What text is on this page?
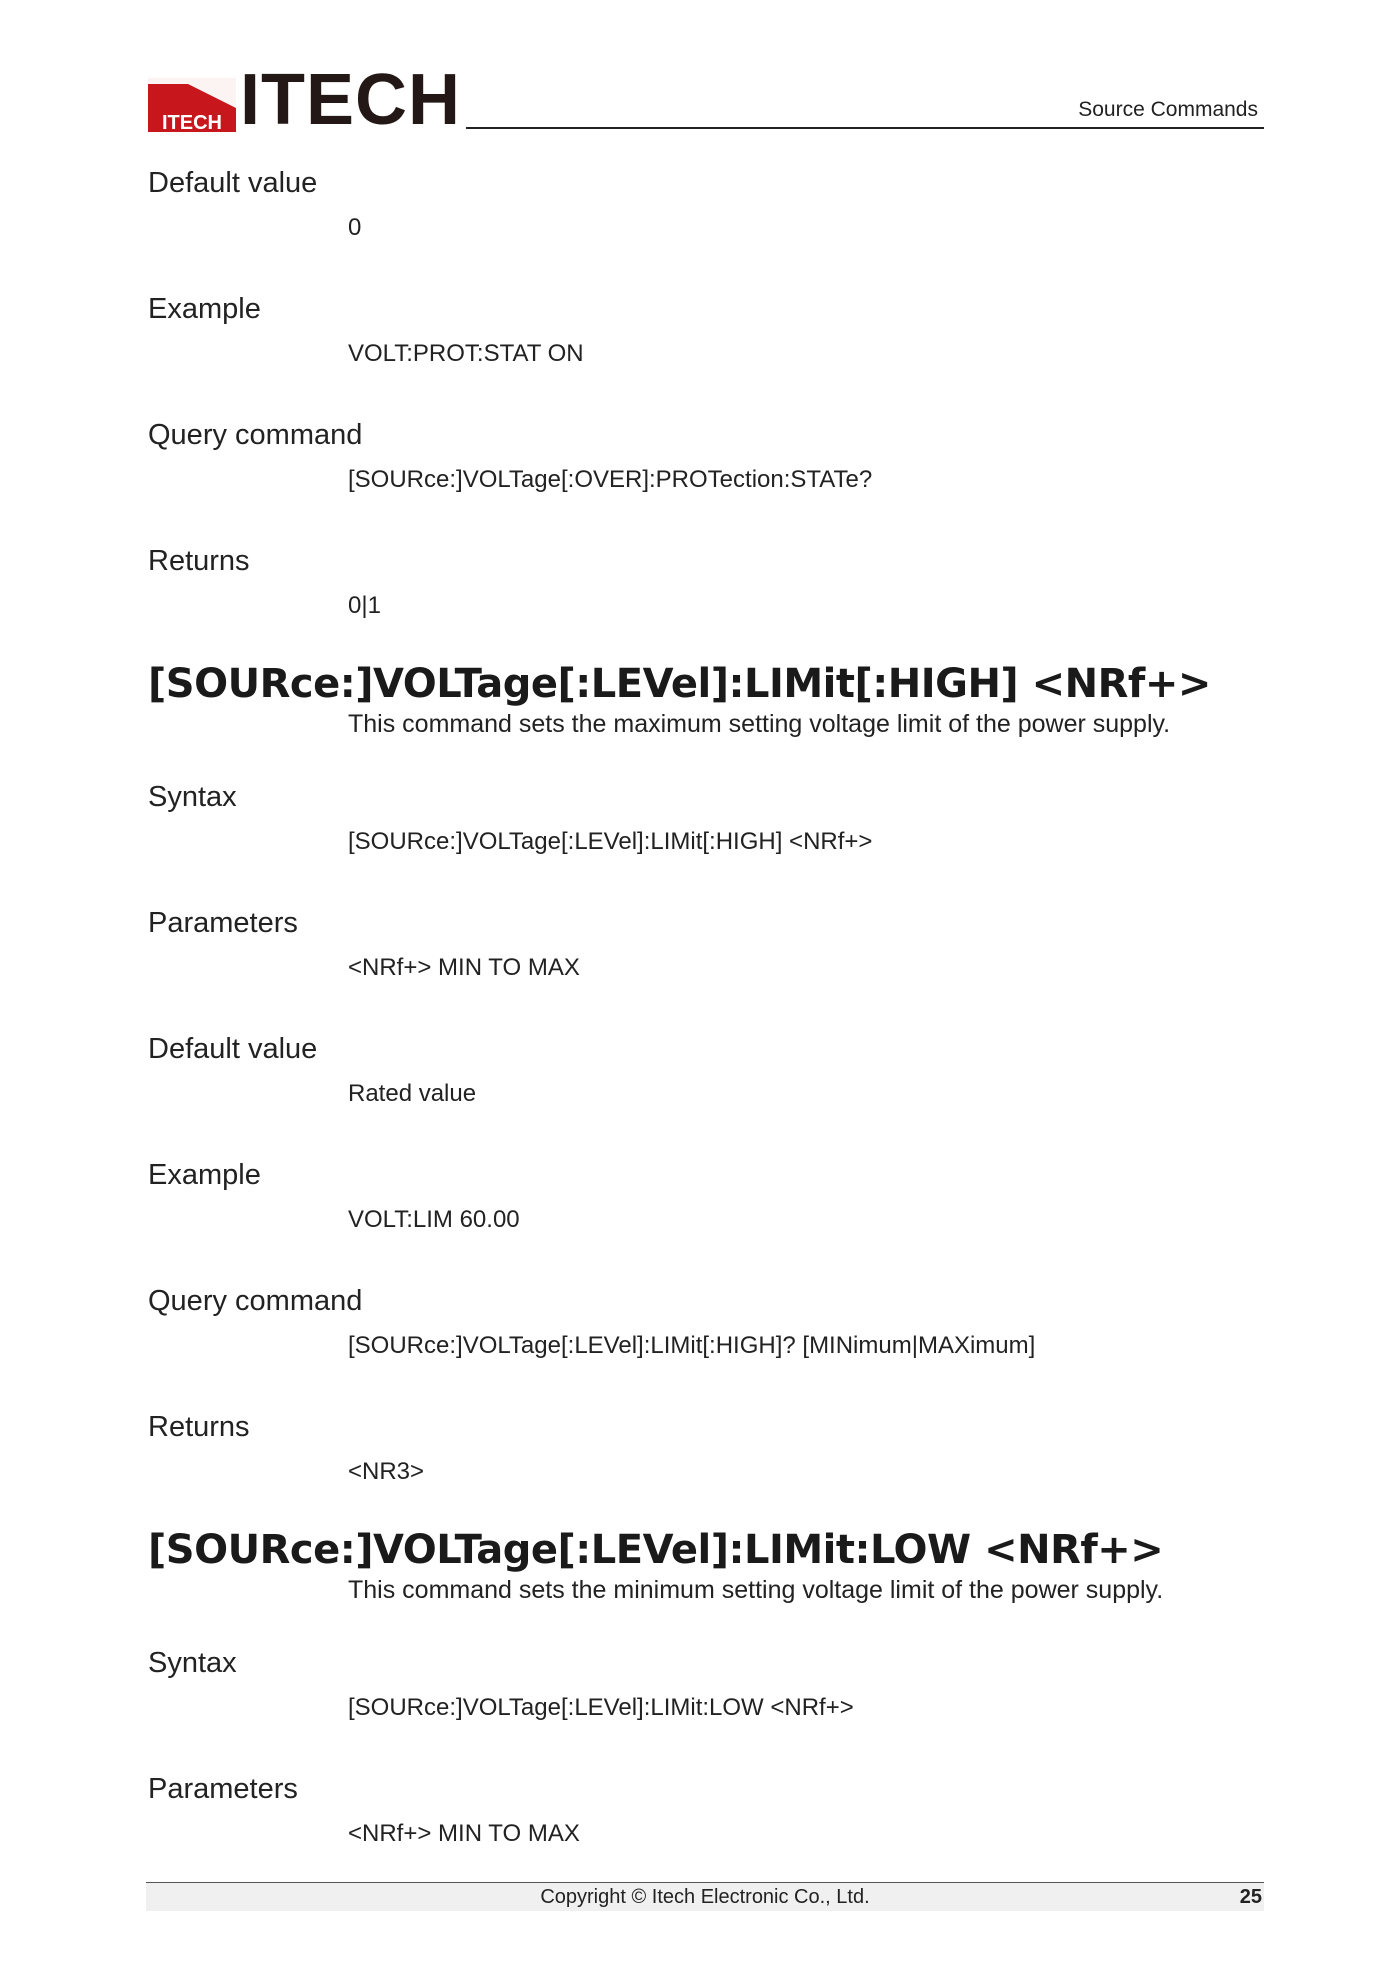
ITECH ITECH	Source Commands

Default value

0

Example

VOLT:PROT:STAT ON

Query command

[SOURce:]VOLTage[:OVER]:PROTection:STATe?

Returns

0|1

[SOURce:]VOLTage[:LEVel]:LIMit[:HIGH] <NRf+>

This command sets the maximum setting voltage limit of the power supply.

Syntax

[SOURce:]VOLTage[:LEVel]:LIMit[:HIGH] <NRf+>

Parameters

<NRf+> MIN TO MAX

Default value

Rated value

Example

VOLT:LIM 60.00

Query command

[SOURce:]VOLTage[:LEVel]:LIMit[:HIGH]? [MINimum|MAXimum]

Returns

<NR3>

[SOURce:]VOLTage[:LEVel]:LIMit:LOW <NRf+>

This command sets the minimum setting voltage limit of the power supply.

Syntax

[SOURce:]VOLTage[:LEVel]:LIMit:LOW <NRf+>

Parameters

<NRf+> MIN TO MAX

Copyright © Itech Electronic Co., Ltd.	25
